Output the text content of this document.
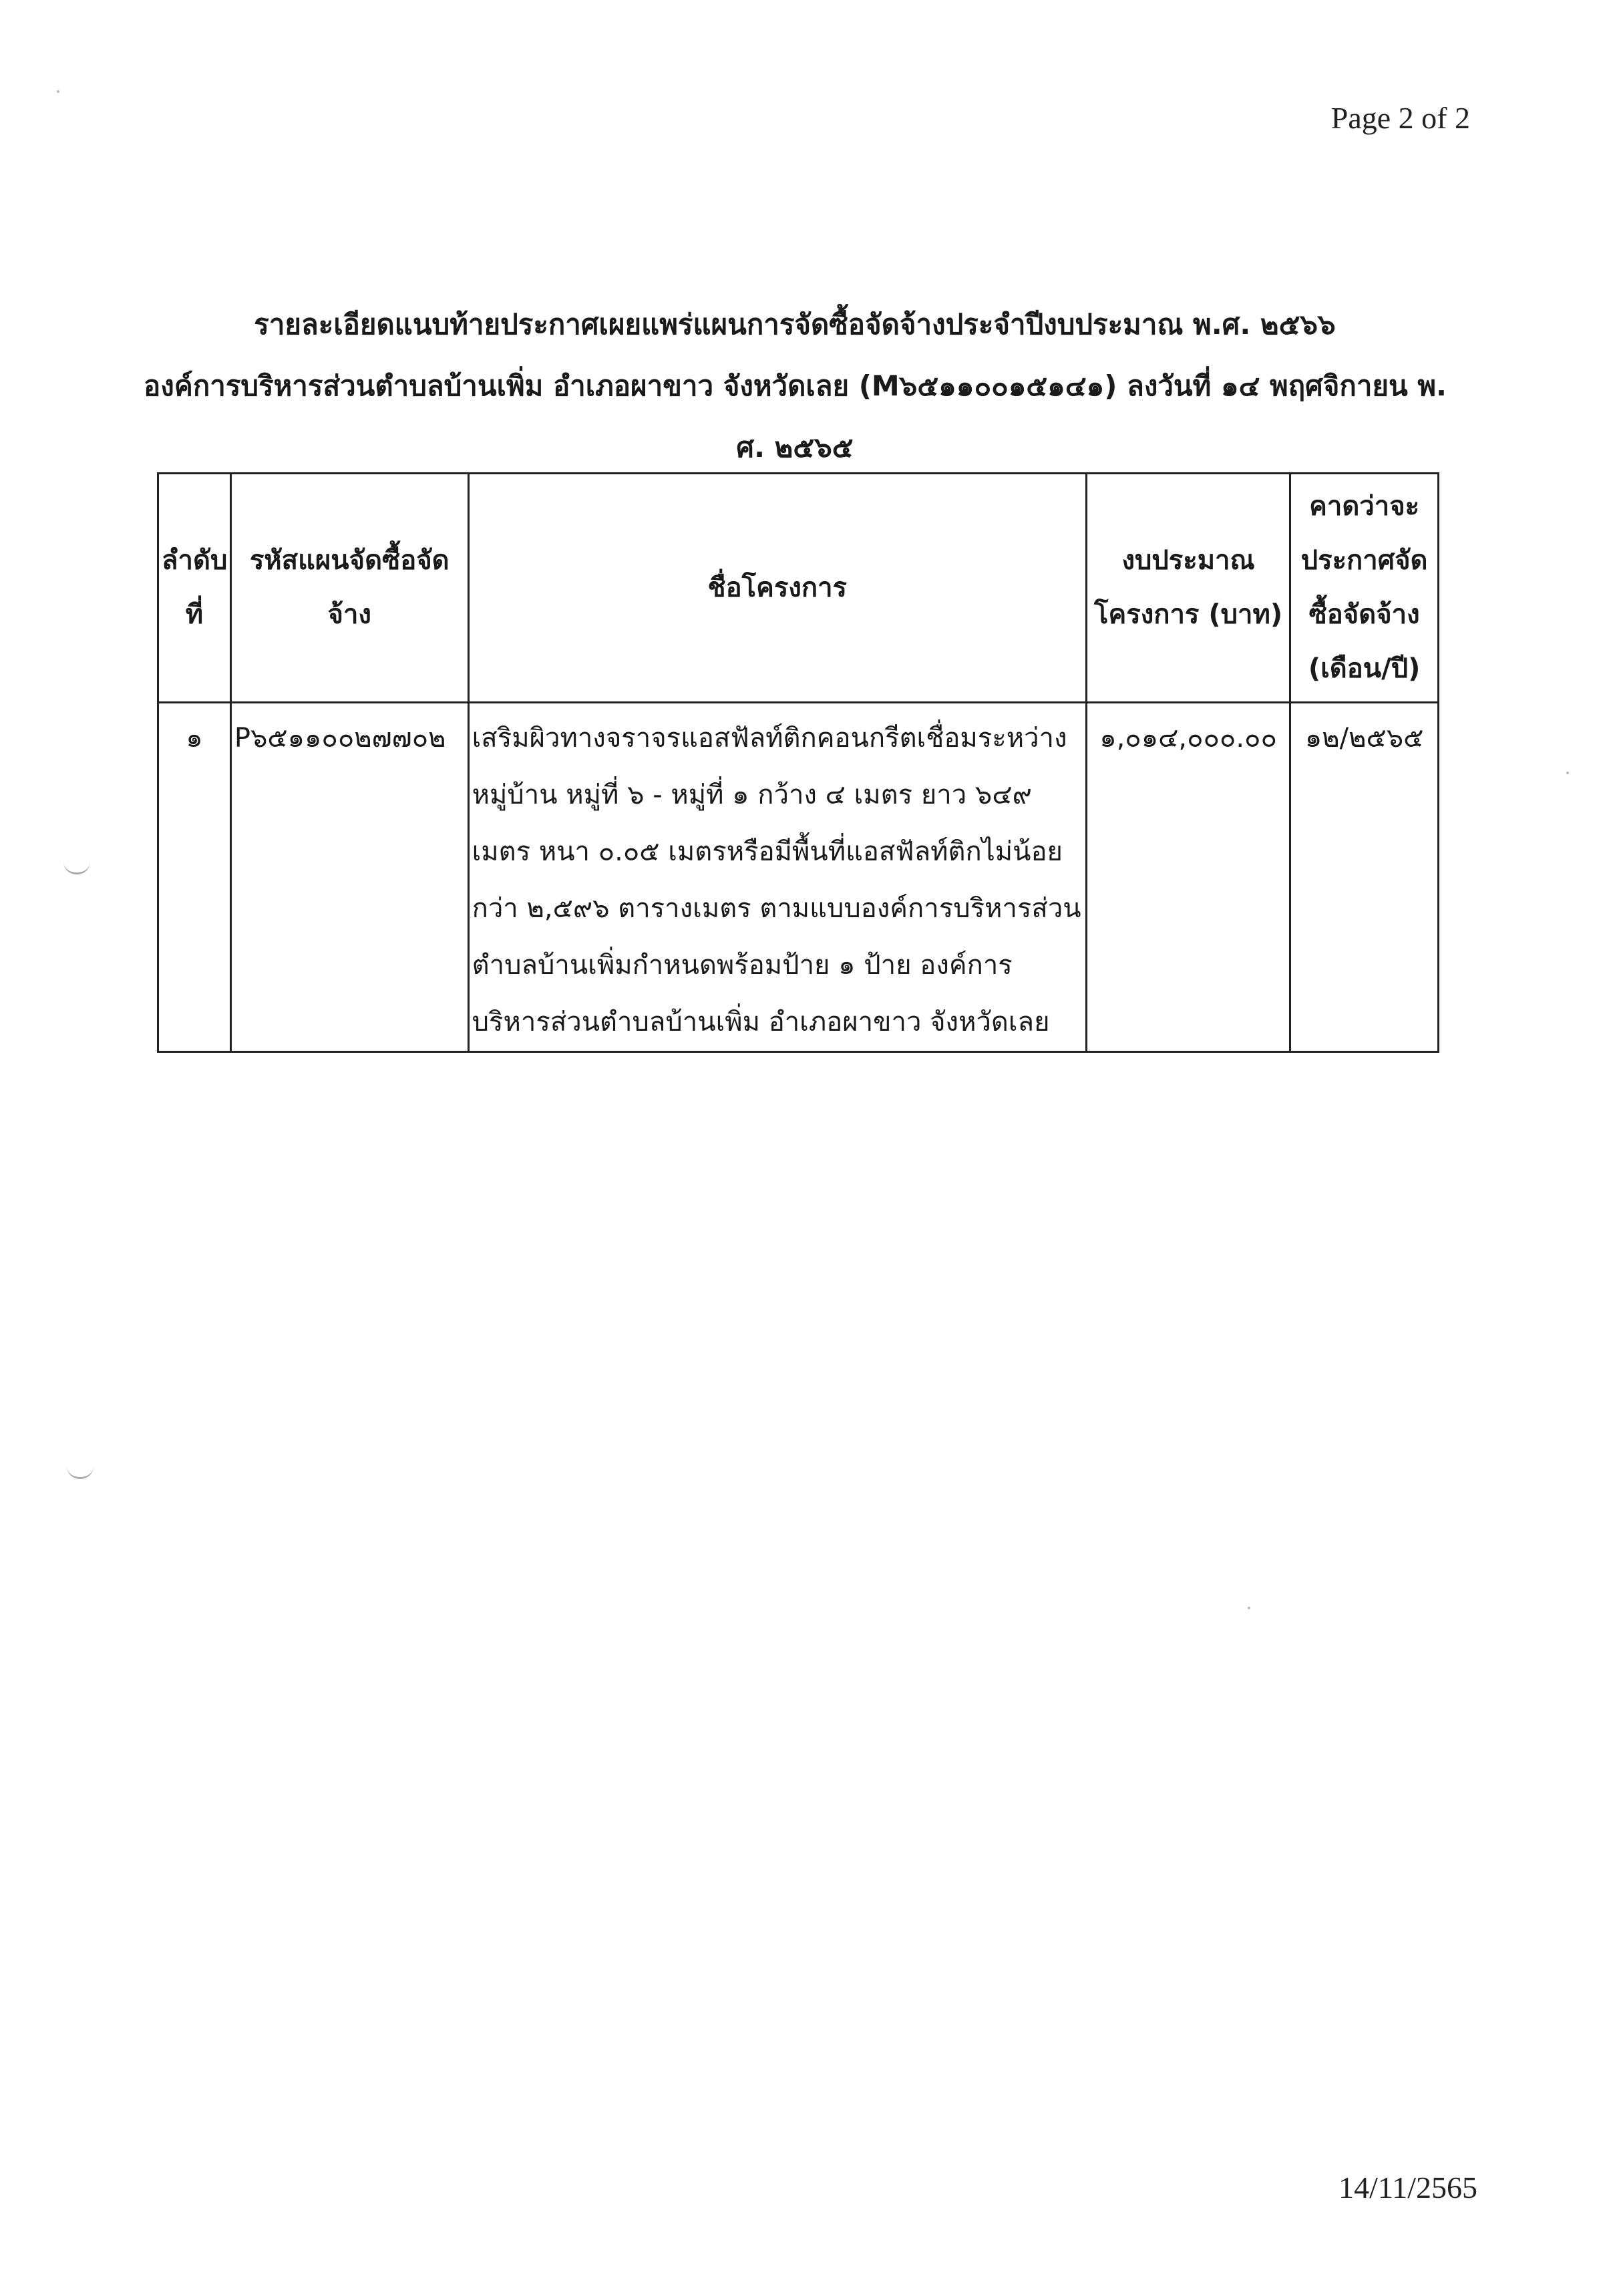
Page 2 of 2
รายละเอียดแนบท้ายประกาศเผยแพร่แผนการจัดซื้อจัดจ้างประจำปีงบประมาณ พ.ศ. ๒๕๖๖
องค์การบริหารส่วนตำบลบ้านเพิ่ม อำเภอผาขาว จังหวัดเลย (M๖๕๑๑๐๐๑๕๑๔๑) ลงวันที่ ๑๔ พฤศจิกายน พ.
ศ. ๒๕๖๕
ลำดับที่	รหัสแผนจัดซื้อจัดจ้าง	ชื่อโครงการ	งบประมาณโครงการ (บาท)	คาดว่าจะประกาศจัดซื้อจัดจ้าง (เดือน/ปี)
๑	P๖๕๑๑๐๐๒๗๗๐๒	เสริมผิวทางจราจรแอสฟัลท์ติกคอนกรีตเชื่อมระหว่างหมู่บ้าน หมู่ที่ ๖ - หมู่ที่ ๑ กว้าง ๔ เมตร ยาว ๖๔๙ เมตร หนา ๐.๐๕ เมตรหรือมีพื้นที่แอสฟัลท์ติกไม่น้อยกว่า ๒,๕๙๖ ตารางเมตร ตามแบบองค์การบริหารส่วนตำบลบ้านเพิ่มกำหนดพร้อมป้าย ๑ ป้าย องค์การบริหารส่วนตำบลบ้านเพิ่ม อำเภอผาขาว จังหวัดเลย	๑,๐๑๔,๐๐๐.๐๐	๑๒/๒๕๖๕
14/11/2565
